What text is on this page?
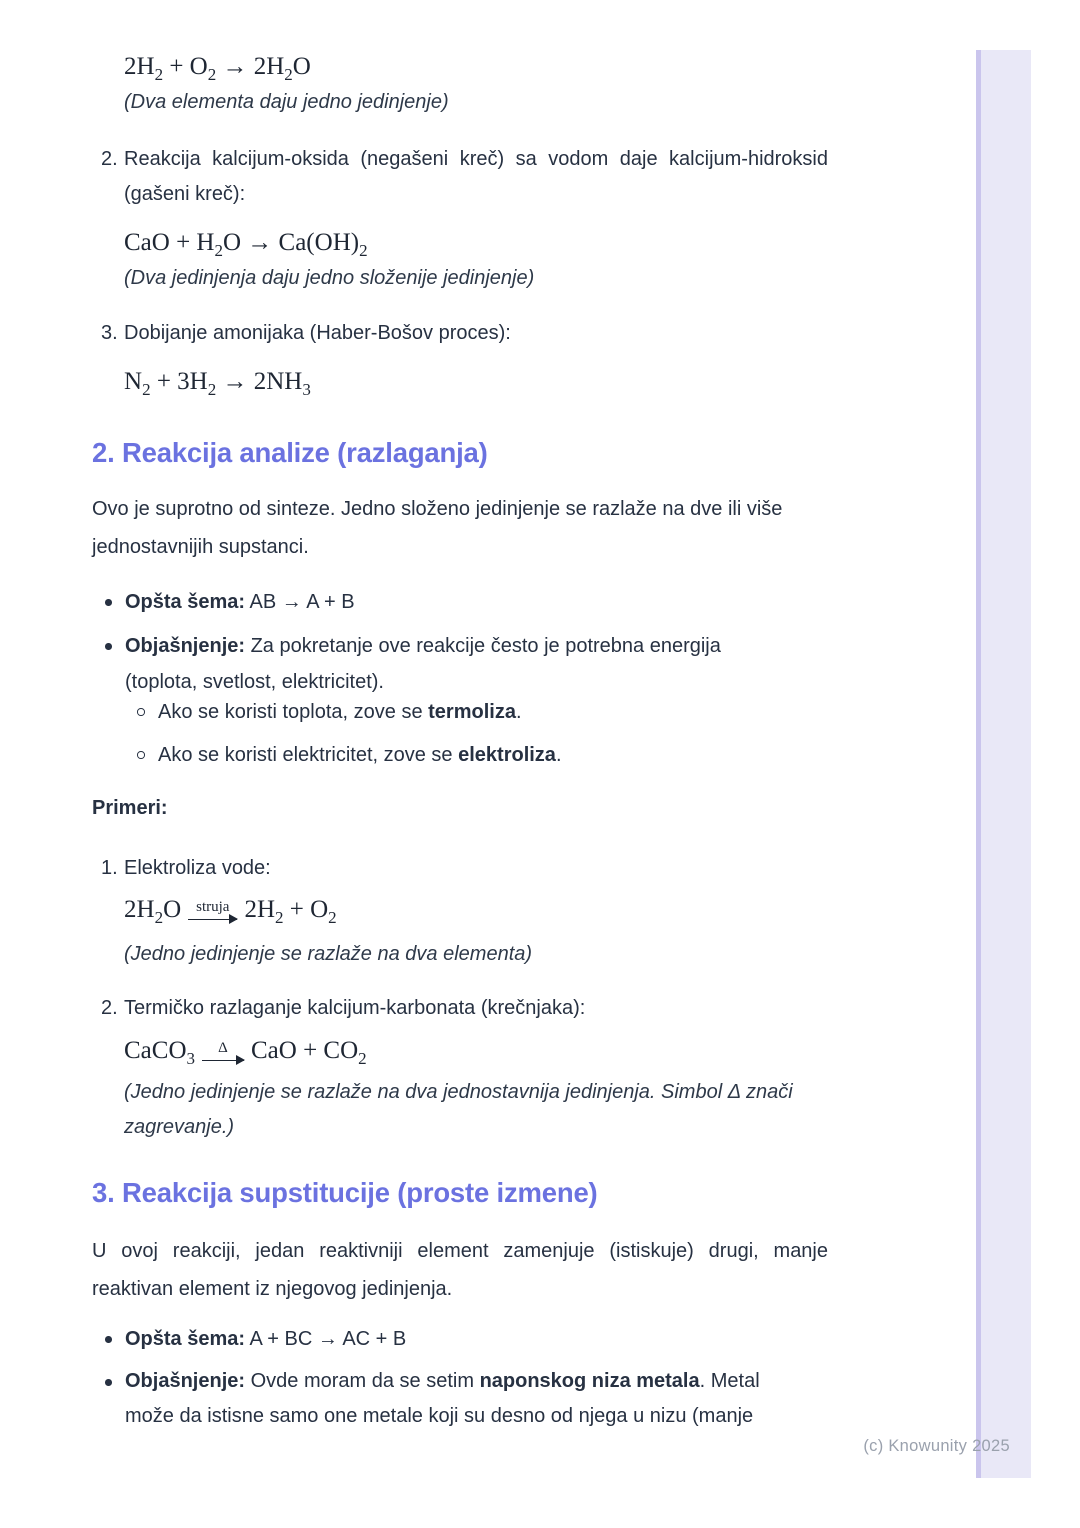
$2H_2 + O_2 \to 2H_2O$
(Dva elementa daju jedno jedinjenje)
2. Reakcija kalcijum-oksida (negašeni kreč) sa vodom daje kalcijum-hidroksid
(gašeni kreč):
CaO + $H_2O \to Ca(OH)_2$
(Dva jedinjenja daju jedno složenije jedinjenje)
3. Dobijanje amonijaka (Haber-Bošov proces):
$N_2 + 3H_2 \to 2NH_3$
2. Reakcija analize (razlaganja)
Ovo je suprotno od sinteze. Jedno složeno jedinjenje se razlaže na dve ili više
jednostavnijih supstanci.
Opšta šema: AB → A + B
Objašnjenje: Za pokretanje ove reakcije često je potrebna energija
(toplota, svetlost, elektricitet).
Ako se koristi toplota, zove se termoliza.
Ako se koristi elektricitet, zove se elektroliza.
Primeri:
1. Elektroliza vode:
$2H_2O$	struja $2H_2 + O_2$
(Jedno jedinjenje se razlaže na dva elementa)
2. Termičko razlaganje kalcijum-karbonata (krečnjaka):
CaCO$_3$
Δ CaO + $CO_2$
(Jedno jedinjenje se razlaže na dva jednostavnija jedinjenja. Simbol Δ znači
zagrevanje.)
3. Reakcija supstitucije (proste izmene)
U ovoj reakciji, jedan reaktivniji element zamenjuje (istiskuje) drugi, manje
reaktivan element iz njegovog jedinjenja.
Opšta šema: A + BC → AC + B
Objašnjenje: Ovde moram da se setim naponskog niza metala. Metal
može da istisne samo one metale koji su desno od njega u nizu (manje
(c) Knowunity 2025
